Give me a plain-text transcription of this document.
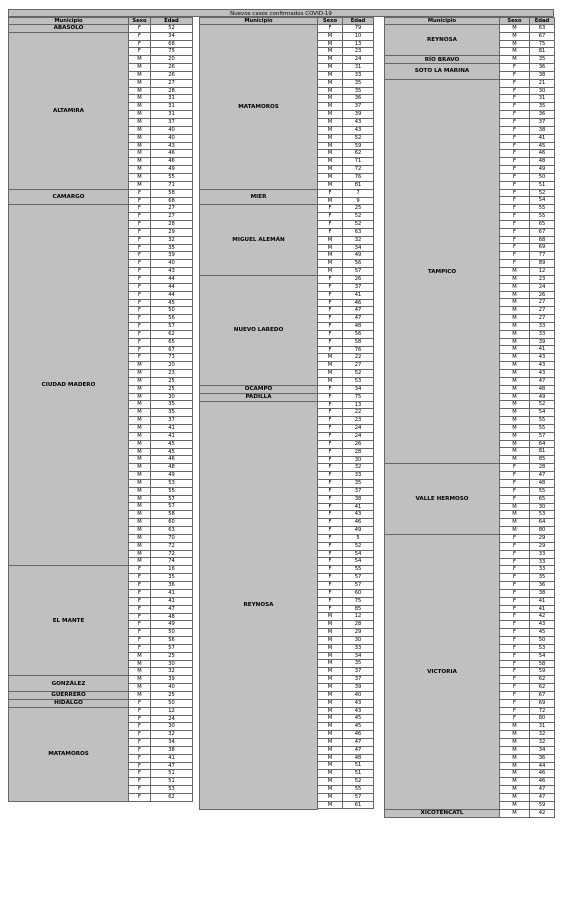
Nuevos casos confirmados COVID-19
Municipio	Sexo	Edad
ABASOLO	F	52
ALTAMIRA
F	34
F	68
F	75
M	20
M	26
M	26
M	27
M	28
M	31
M	31
M	31
M	37
M	40
M	40
M	43
M	46
M	46
M	49
M	55
M	71
CAMARGO
F	58
F	68
CIUDAD MADERO
F	27
F	27
F	28
F	29
F	32
F	35
F	39
F	40
F	43
F	44
F	44
F	44
F	45
F	50
F	56
F	57
F	62
F	65
F	67
F	73
M	20
M	23
M	25
M	25
M	30
M	35
M	35
M	37
M	41
M	41
M	45
M	45
M	46
M	48
M	49
M	53
M	55
M	57
M	57
M	58
M	60
M	63
M	70
M	72
M	72
M	74
EL MANTE
F	16
F	35
F	36
F	41
F	41
F	47
F	48
F	49
F	50
F	56
F	57
M	25
M	30
M	32
GONZÁLEZ
M	39
M	40
GUERRERO	M	25
HIDALGO	F	50
MATAMOROS
F	12
F	24
F	30
F	32
F	34
F	38
F	41
F	47
F	51
F	51
F	53
F	62
Municipio	Sexo	Edad
MATAMOROS
F	79
M	10
M	13
M	23
M	24
M	31
M	33
M	35
M	35
M	36
M	37
M	39
M	43
M	43
M	52
M	59
M	62
M	71
M	72
M	76
M	81
MIER
F	7
M	9
MIGUEL ALEMÁN
F	25
F	52
F	52
F	63
M	32
M	34
M	49
M	56
M	57
NUEVO LAREDO
F	26
F	37
F	41
F	46
F	47
F	47
F	48
F	56
F	58
F	76
M	22
M	27
M	52
M	53
OCAMPO	F	34
PADILLA	F	75
REYNOSA
F	13
F	22
F	23
F	24
F	24
F	26
F	28
F	30
F	32
F	33
F	35
F	37
F	38
F	41
F	43
F	46
F	49
F	5
F	52
F	54
F	54
F	55
F	57
F	57
F	60
F	75
F	85
M	12
M	28
M	29
M	30
M	33
M	34
M	35
M	37
M	37
M	39
M	40
M	43
M	43
M	45
M	45
M	46
M	47
M	47
M	48
M	51
M	51
M	52
M	55
M	57
M	61
Municipio	Sexo	Edad
REYNOSA
M	63
M	67
M	75
M	81
RÍO BRAVO	M	35
SOTO LA MARINA
F	36
F	38
TAMPICO
F	21
F	30
F	31
F	35
F	36
F	37
F	38
F	41
F	45
F	46
F	48
F	49
F	50
F	51
F	52
F	54
F	55
F	55
F	65
F	67
F	68
F	69
F	77
F	89
M	12
M	23
M	24
M	26
M	27
M	27
M	27
M	33
M	33
M	39
M	41
M	43
M	43
M	43
M	47
M	48
M	49
M	52
M	54
M	55
M	55
M	57
M	64
M	81
M	85
VALLE HERMOSO
F	28
F	47
F	48
F	55
F	65
M	30
M	53
M	64
M	80
VICTORIA
F	29
F	29
F	33
F	33
F	33
F	35
F	36
F	38
F	41
F	41
F	42
F	43
F	45
F	50
F	53
F	54
F	58
F	59
F	62
F	62
F	67
F	69
F	72
F	80
M	31
M	32
M	32
M	34
M	36
M	44
M	46
M	46
M	47
M	47
M	59
XICOTÉNCATL	M	42
